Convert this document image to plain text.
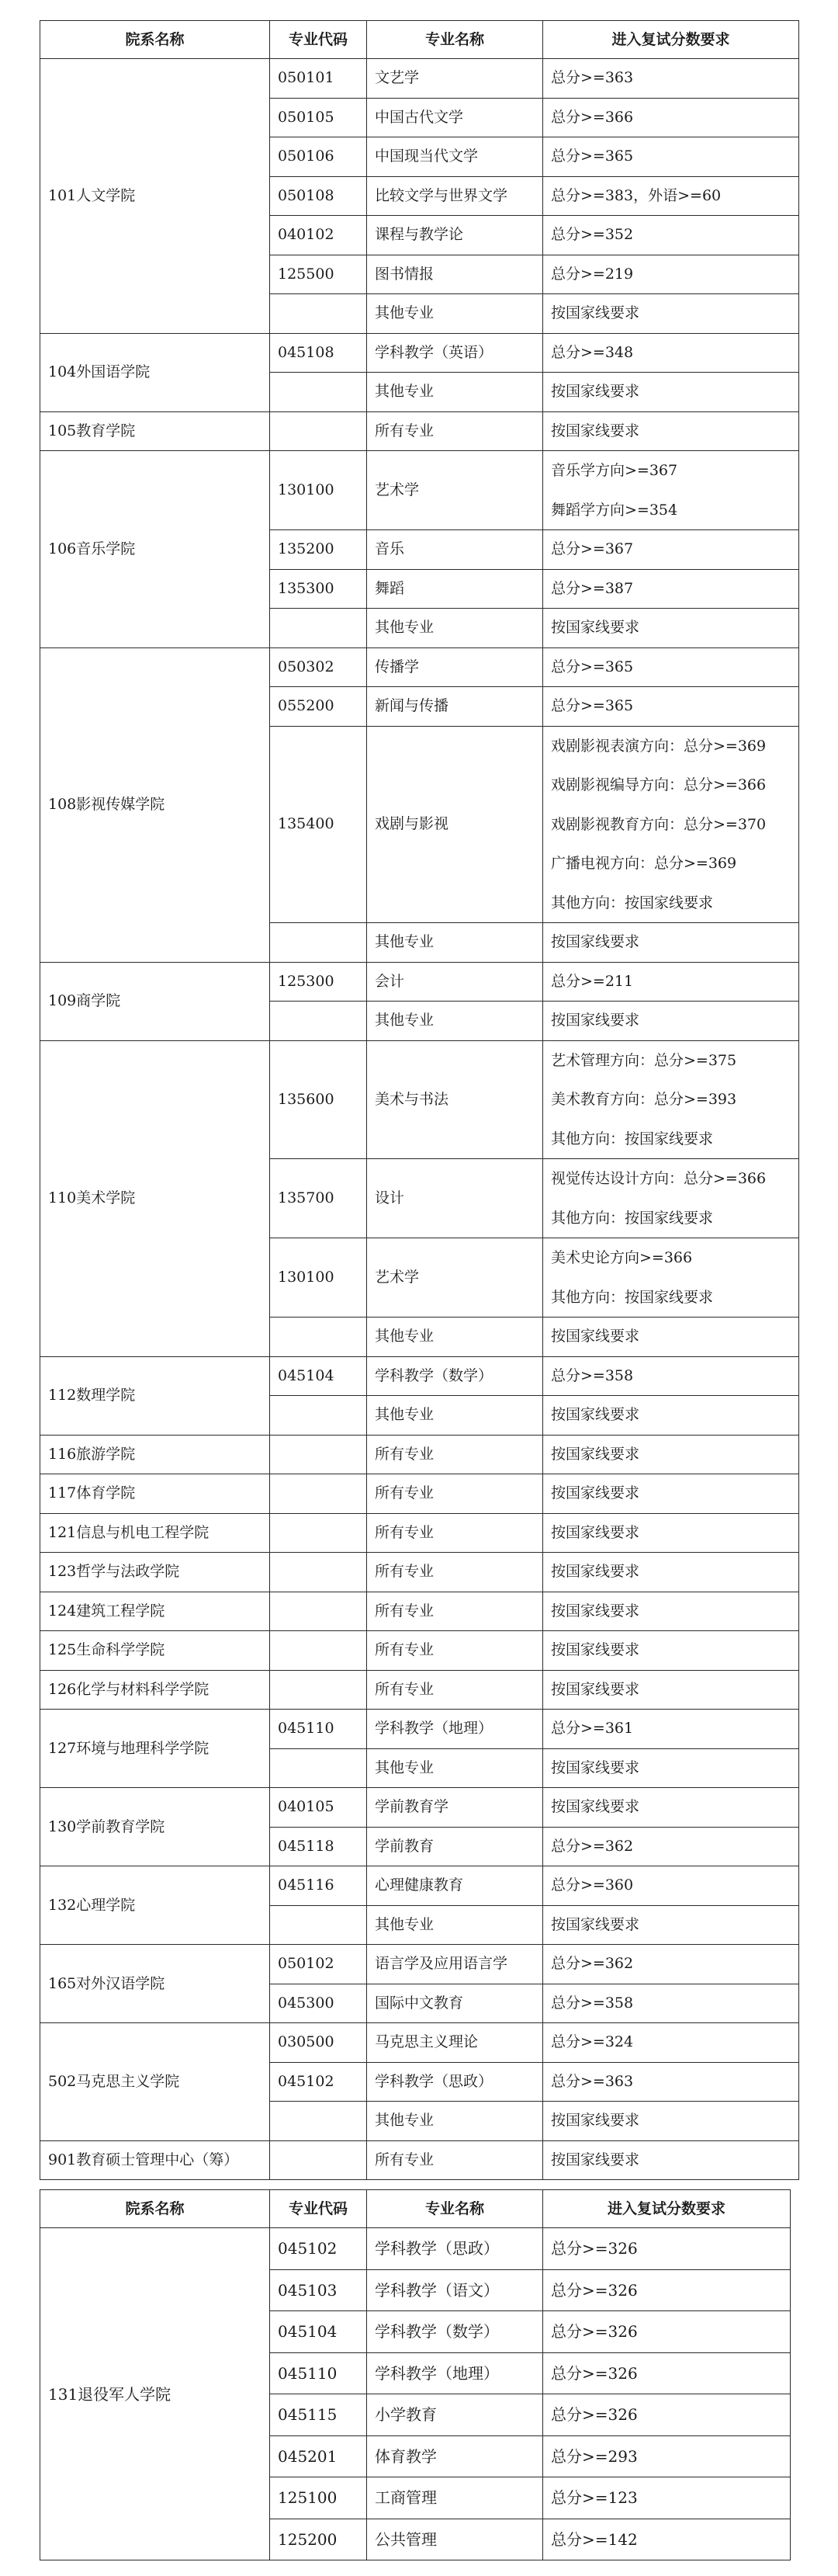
院系名称	专业代码	专业名称	进入复试分数要求
101人文学院	050101	文艺学	总分>=363
	050105	中国古代文学	总分>=366
	050106	中国现当代文学	总分>=365
	050108	比较文学与世界文学	总分>=383，外语>=60
	040102	课程与教学论	总分>=352
	125500	图书情报	总分>=219
		其他专业	按国家线要求
104外国语学院	045108	学科教学（英语）	总分>=348
		其他专业	按国家线要求
105教育学院		所有专业	按国家线要求
106音乐学院	130100	艺术学	音乐学方向>=367
舞蹈学方向>=354

	135200	音乐	总分>=367
	135300	舞蹈	总分>=387
		其他专业	按国家线要求
108影视传媒学院	050302	传播学	总分>=365
	055200	新闻与传播	总分>=365
	135400	戏剧与影视	戏剧影视表演方向：总分>=369
戏剧影视编导方向：总分>=366
戏剧影视教育方向：总分>=370
广播电视方向：总分>=369
其他方向：按国家线要求

		其他专业	按国家线要求
109商学院	125300	会计	总分>=211
		其他专业	按国家线要求
110美术学院	135600	美术与书法	艺术管理方向：总分>=375
美术教育方向：总分>=393
其他方向：按国家线要求

	135700	设计	视觉传达设计方向：总分>=366
其他方向：按国家线要求

	130100	艺术学	美术史论方向>=366
其他方向：按国家线要求

		其他专业	按国家线要求
112数理学院	045104	学科教学（数学）	总分>=358
		其他专业	按国家线要求
116旅游学院		所有专业	按国家线要求
117体育学院		所有专业	按国家线要求
121信息与机电工程学院		所有专业	按国家线要求
123哲学与法政学院		所有专业	按国家线要求
124建筑工程学院		所有专业	按国家线要求
125生命科学学院		所有专业	按国家线要求
126化学与材料科学学院		所有专业	按国家线要求
127环境与地理科学学院	045110	学科教学（地理）	总分>=361
		其他专业	按国家线要求
130学前教育学院	040105	学前教育学	按国家线要求
	045118	学前教育	总分>=362
132心理学院	045116	心理健康教育	总分>=360
		其他专业	按国家线要求
165对外汉语学院	050102	语言学及应用语言学	总分>=362
	045300	国际中文教育	总分>=358
502马克思主义学院	030500	马克思主义理论	总分>=324
	045102	学科教学（思政）	总分>=363
		其他专业	按国家线要求
901教育硕士管理中心（筹）		所有专业	按国家线要求
院系名称	专业代码	专业名称	进入复试分数要求
131退役军人学院	045102	学科教学（思政）	总分>=326
	045103	学科教学（语文）	总分>=326
	045104	学科教学（数学）	总分>=326
	045110	学科教学（地理）	总分>=326
	045115	小学教育	总分>=326
	045201	体育教学	总分>=293
	125100	工商管理	总分>=123
	125200	公共管理	总分>=142
